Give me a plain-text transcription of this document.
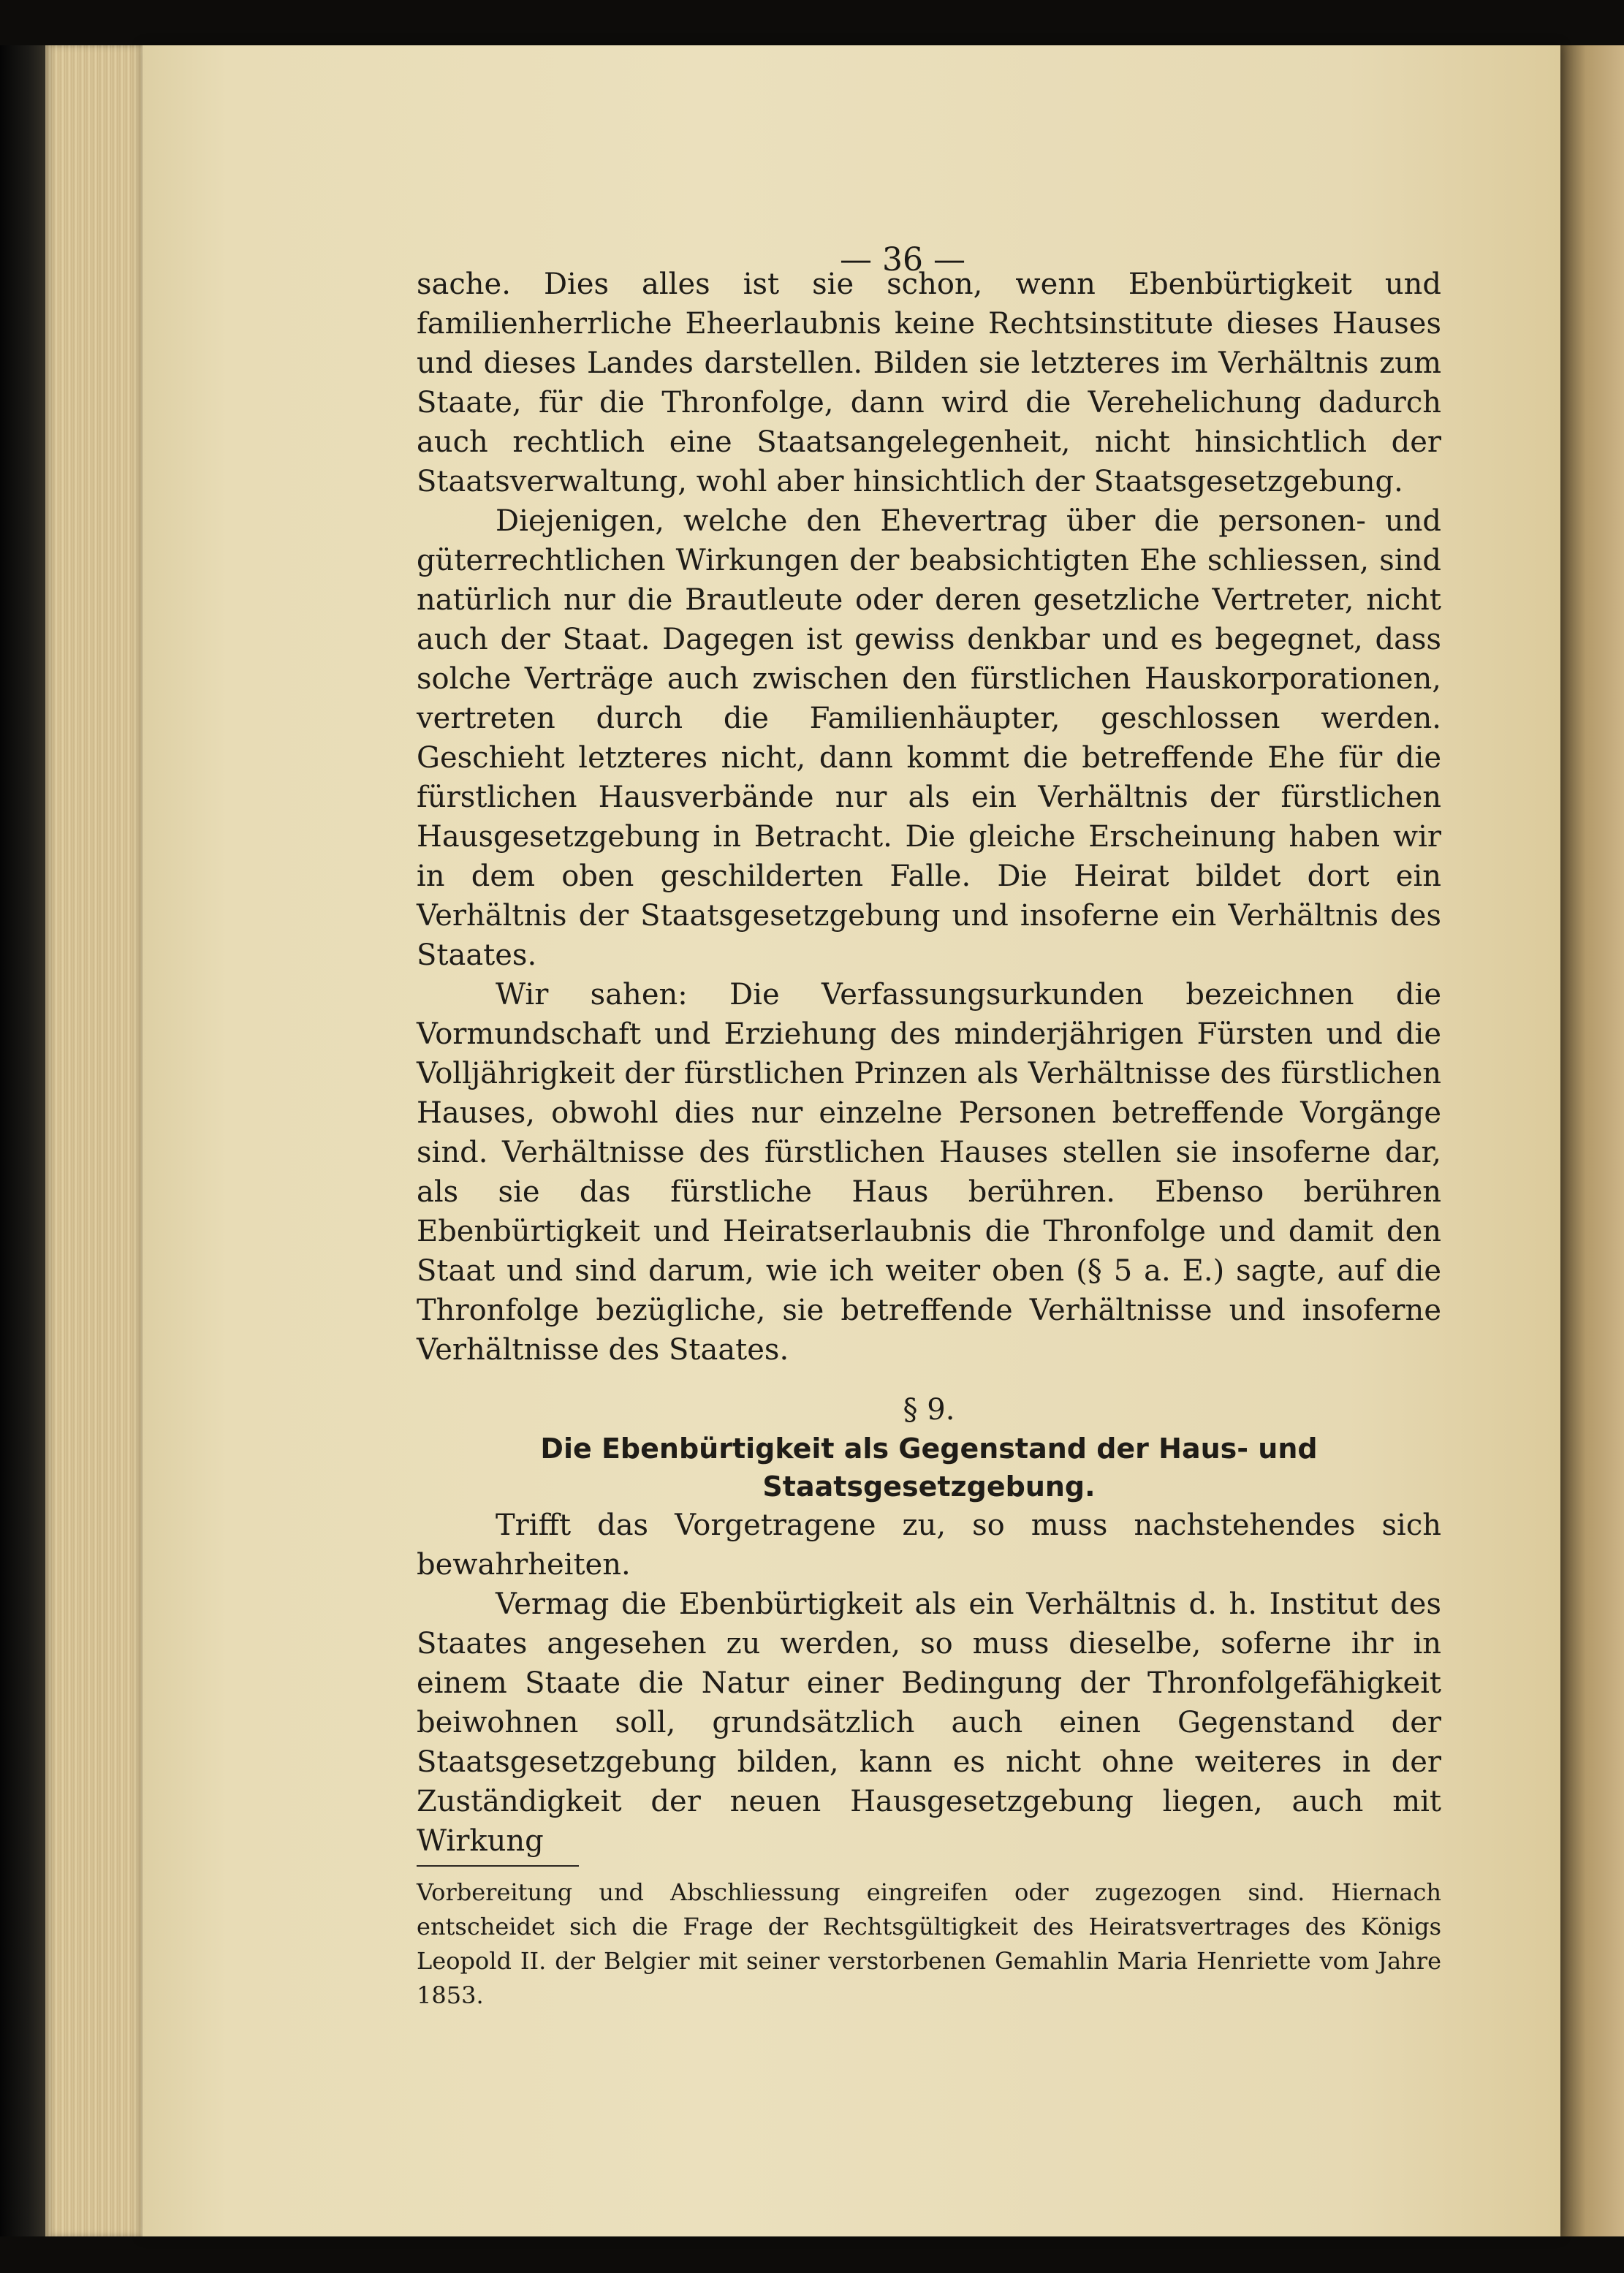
— 36 —

sache. Dies alles ist sie schon, wenn Ebenbürtigkeit und familienherrliche Eheerlaubnis keine Rechtsinstitute dieses Hauses und dieses Landes darstellen. Bilden sie letzteres im Verhältnis zum Staate, für die Thronfolge, dann wird die Verehelichung dadurch auch rechtlich eine Staatsangelegenheit, nicht hinsichtlich der Staatsverwaltung, wohl aber hinsichtlich der Staatsgesetzgebung.

Diejenigen, welche den Ehevertrag über die personen- und güterrechtlichen Wirkungen der beabsichtigten Ehe schliessen, sind natürlich nur die Brautleute oder deren gesetzliche Vertreter, nicht auch der Staat. Dagegen ist gewiss denkbar und es begegnet, dass solche Verträge auch zwischen den fürstlichen Hauskorporationen, vertreten durch die Familienhäupter, geschlossen werden. Geschieht letzteres nicht, dann kommt die betreffende Ehe für die fürstlichen Hausverbände nur als ein Verhältnis der fürstlichen Hausgesetzgebung in Betracht. Die gleiche Erscheinung haben wir in dem oben geschilderten Falle. Die Heirat bildet dort ein Verhältnis der Staatsgesetzgebung und insoferne ein Verhältnis des Staates.

Wir sahen: Die Verfassungsurkunden bezeichnen die Vormundschaft und Erziehung des minderjährigen Fürsten und die Volljährigkeit der fürstlichen Prinzen als Verhältnisse des fürstlichen Hauses, obwohl dies nur einzelne Personen betreffende Vorgänge sind. Verhältnisse des fürstlichen Hauses stellen sie insoferne dar, als sie das fürstliche Haus berühren. Ebenso berühren Ebenbürtigkeit und Heiratserlaubnis die Thronfolge und damit den Staat und sind darum, wie ich weiter oben (§ 5 a. E.) sagte, auf die Thronfolge bezügliche, sie betreffende Verhältnisse und insoferne Verhältnisse des Staates.

§ 9.

Die Ebenbürtigkeit als Gegenstand der Haus- und Staatsgesetzgebung.

Trifft das Vorgetragene zu, so muss nachstehendes sich bewahrheiten.

Vermag die Ebenbürtigkeit als ein Verhältnis d. h. Institut des Staates angesehen zu werden, so muss dieselbe, soferne ihr in einem Staate die Natur einer Bedingung der Thronfolgefähigkeit beiwohnen soll, grundsätzlich auch einen Gegenstand der Staatsgesetzgebung bilden, kann es nicht ohne weiteres in der Zuständigkeit der neuen Hausgesetzgebung liegen, auch mit Wirkung

Vorbereitung und Abschliessung eingreifen oder zugezogen sind. Hiernach entscheidet sich die Frage der Rechtsgültigkeit des Heiratsvertrages des Königs Leopold II. der Belgier mit seiner verstorbenen Gemahlin Maria Henriette vom Jahre 1853.
